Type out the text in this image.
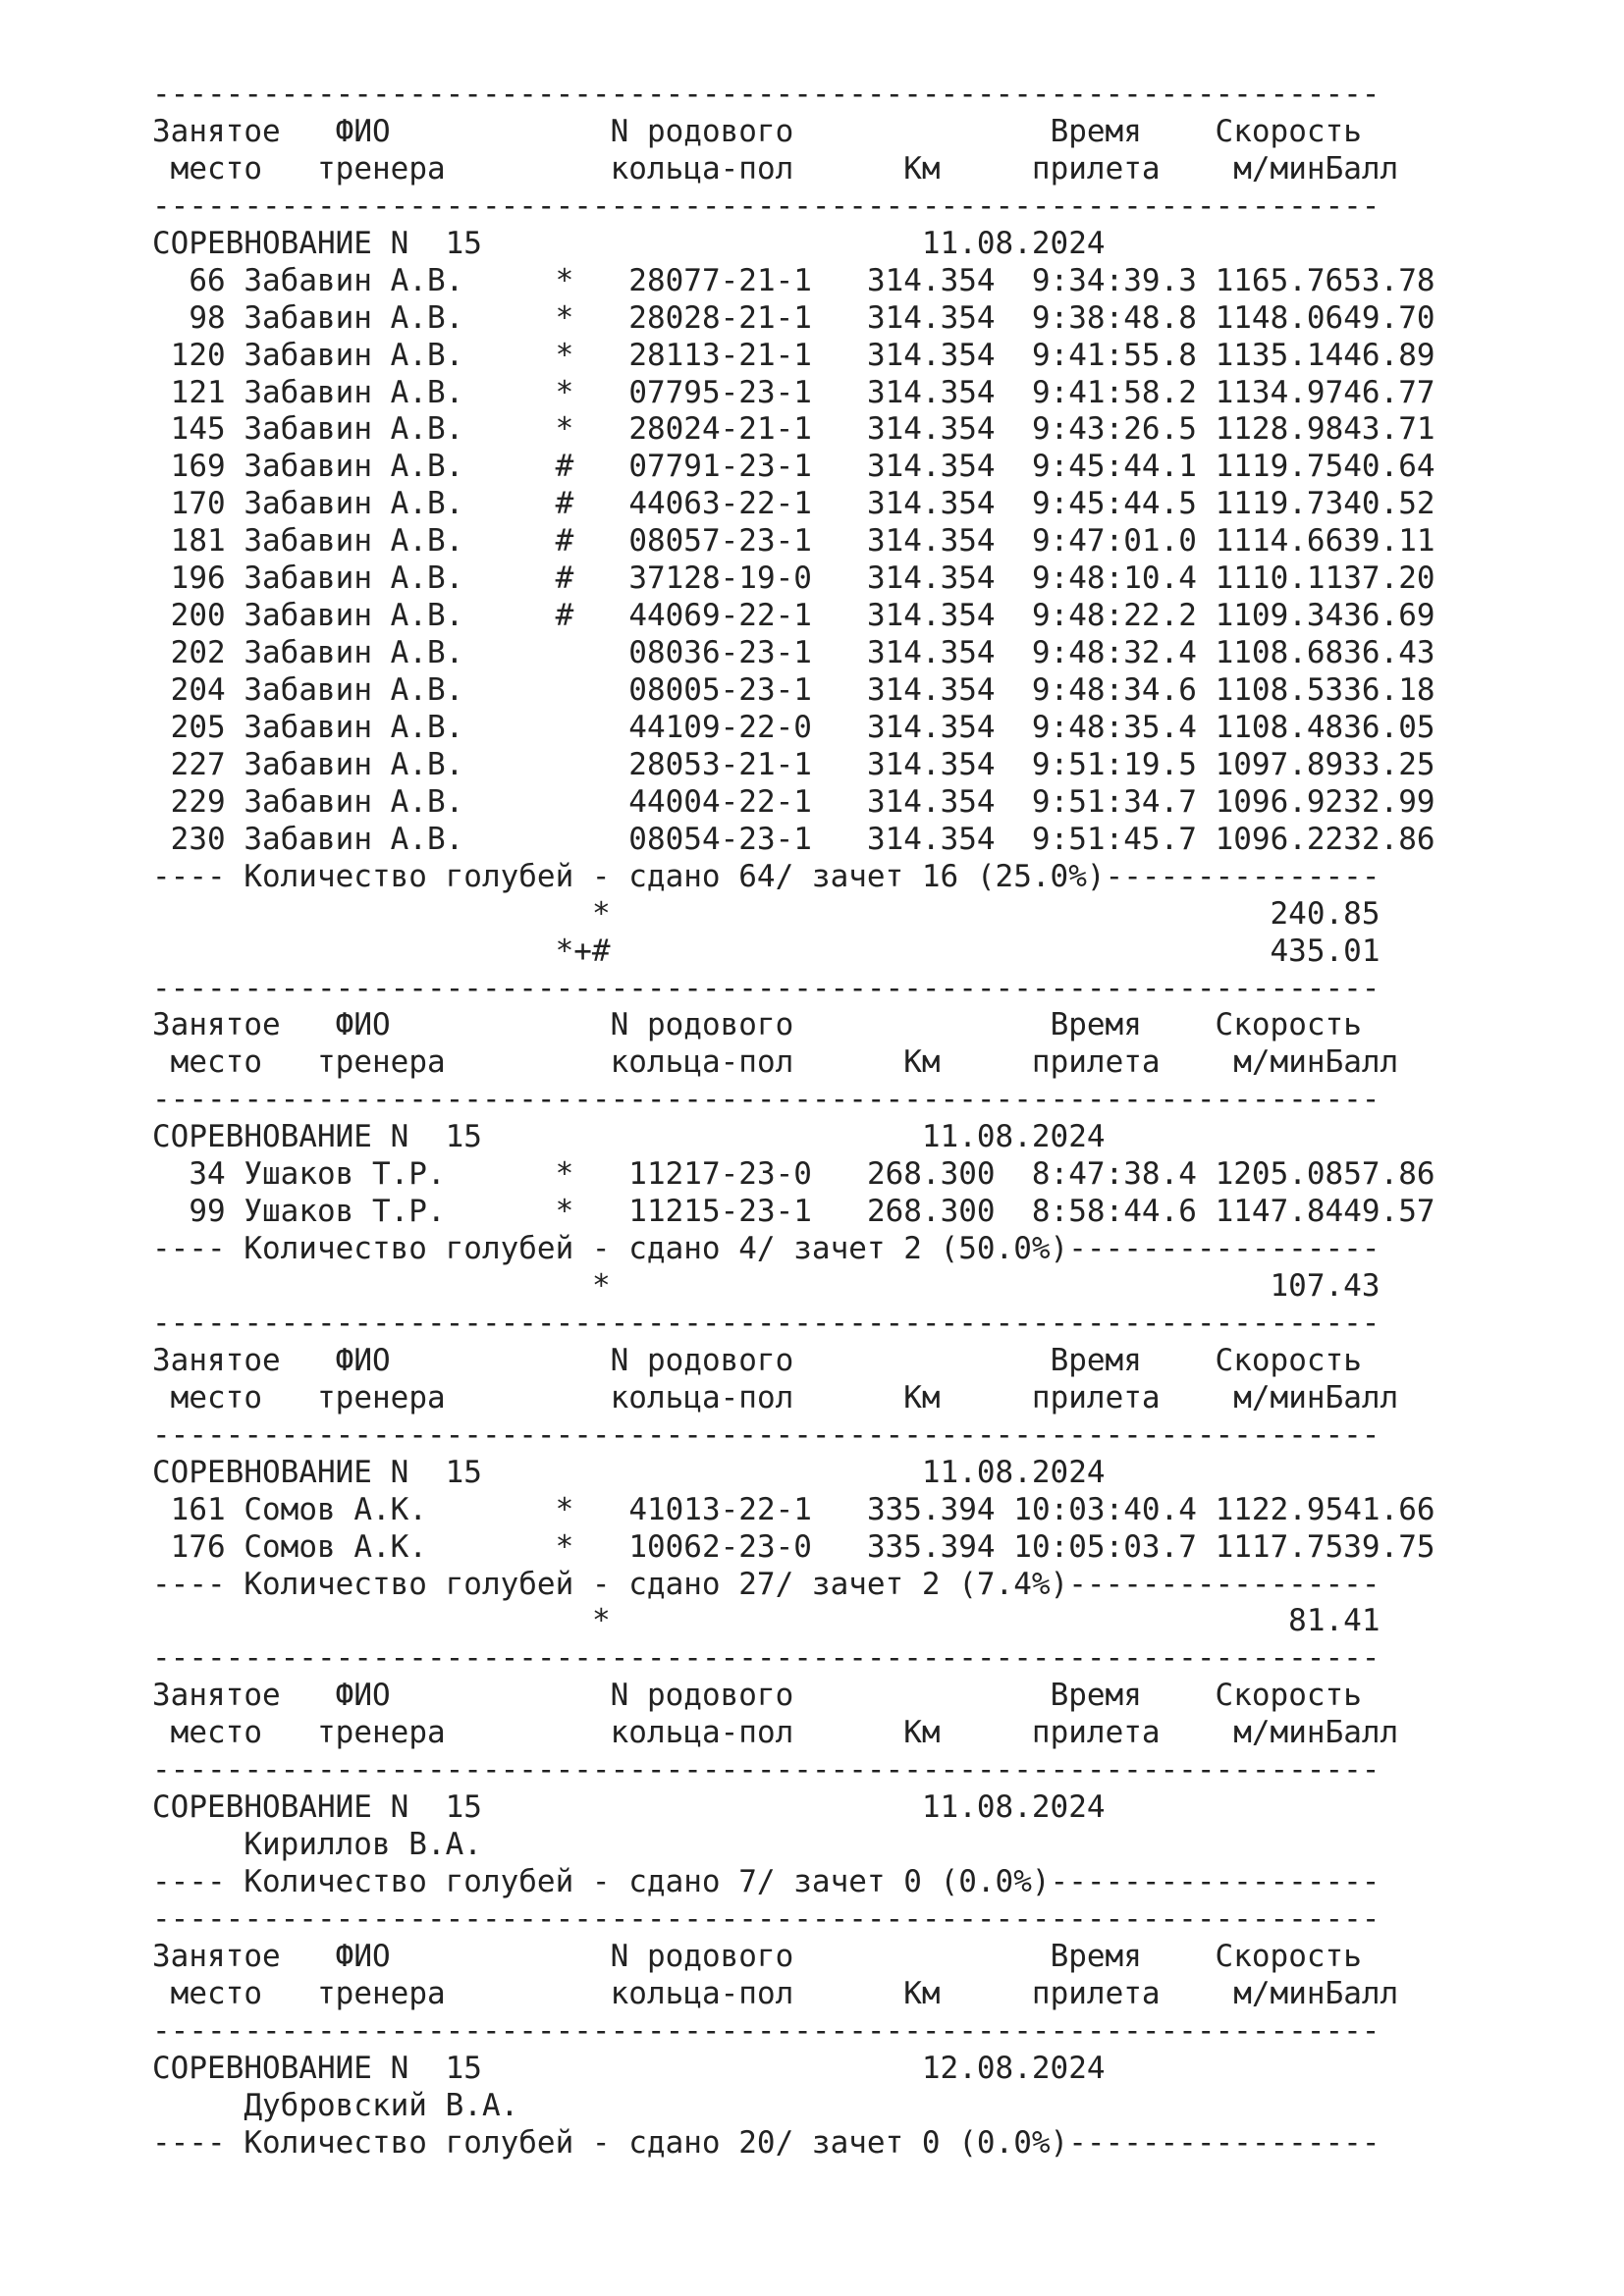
-------------------------------------------------------------------
Занятое ФИО	N родового	Время Скорость
место тренера	кольца-пол	Км	прилета м/минБалл
-------------------------------------------------------------------
СОРЕВНОВАНИЕ N  15	11.08.2024
66 Забавин А.В.	* 28077-21-1 314.354 9:34:39.3 1165.7653.78
98 Забавин А.В.	* 28028-21-1 314.354 9:38:48.8 1148.0649.70
120 Забавин А.В.	* 28113-21-1 314.354 9:41:55.8 1135.1446.89
121 Забавин А.В.	* 07795-23-1 314.354 9:41:58.2 1134.9746.77
145 Забавин А.В.	* 28024-21-1 314.354 9:43:26.5 1128.9843.71
169 Забавин А.В.	# 07791-23-1 314.354 9:45:44.1 1119.7540.64
170 Забавин А.В.	# 44063-22-1 314.354 9:45:44.5 1119.7340.52
181 Забавин А.В.	# 08057-23-1 314.354 9:47:01.0 1114.6639.11
196 Забавин А.В.	# 37128-19-0 314.354 9:48:10.4 1110.1137.20
200 Забавин А.В.	# 44069-22-1 314.354 9:48:22.2 1109.3436.69
202 Забавин А.В.	08036-23-1 314.354 9:48:32.4 1108.6836.43
204 Забавин А.В.	08005-23-1 314.354 9:48:34.6 1108.5336.18
205 Забавин А.В.	44109-22-0 314.354 9:48:35.4 1108.4836.05
227 Забавин А.В.	28053-21-1 314.354 9:51:19.5 1097.8933.25
229 Забавин А.В.	44004-22-1 314.354 9:51:34.7 1096.9232.99
230 Забавин А.В.	08054-23-1 314.354 9:51:45.7 1096.2232.86
---- Количество голубей - сдано 64/ зачет 16 (25.0%)---------------
*	240.85
*+#	435.01
-------------------------------------------------------------------
Занятое ФИО	N родового	Время Скорость
место тренера	кольца-пол	Км	прилета м/минБалл
-------------------------------------------------------------------
СОРЕВНОВАНИЕ N  15	11.08.2024
34 Ушаков Т.Р.	* 11217-23-0 268.300 8:47:38.4 1205.0857.86
99 Ушаков Т.Р.	* 11215-23-1 268.300 8:58:44.6 1147.8449.57
---- Количество голубей - сдано 4/ зачет 2 (50.0%)-----------------
*	107.43
-------------------------------------------------------------------
Занятое ФИО	N родового	Время Скорость
место тренера	кольца-пол	Км	прилета м/минБалл
-------------------------------------------------------------------
СОРЕВНОВАНИЕ N  15	11.08.2024
161 Сомов А.К.	* 41013-22-1 335.394 10:03:40.4 1122.9541.66
176 Сомов А.К.	* 10062-23-0 335.394 10:05:03.7 1117.7539.75
---- Количество голубей - сдано 27/ зачет 2 (7.4%)-----------------
*	81.41
-------------------------------------------------------------------
Занятое ФИО	N родового	Время Скорость
место тренера	кольца-пол	Км	прилета м/минБалл
-------------------------------------------------------------------
СОРЕВНОВАНИЕ N  15	11.08.2024
Кириллов В.А.
---- Количество голубей - сдано 7/ зачет 0 (0.0%)------------------
-------------------------------------------------------------------
Занятое ФИО	N родового	Время Скорость
место тренера	кольца-пол	Км	прилета м/минБалл
-------------------------------------------------------------------
СОРЕВНОВАНИЕ N  15	12.08.2024
Дубровский В.А.
---- Количество голубей - сдано 20/ зачет 0 (0.0%)-----------------
